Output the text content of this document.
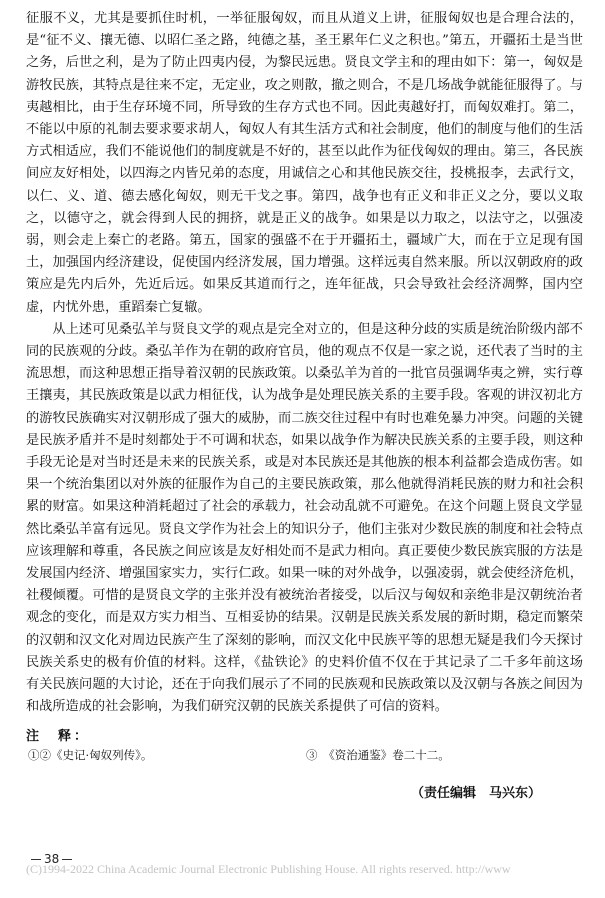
征服不义，尤其是要抓住时机，一举征服匈奴，而且从道义上讲，征服匈奴也是合理合法的，是“征不义、攘无德、以昭仁圣之路，纯德之基，圣王累年仁义之积也。”第五，开疆拓土是当世之务，后世之利，是为了防止四夷内侵，为黎民远患。贤良文学主和的理由如下：第一，匈奴是游牧民族，其特点是往来不定，无定业，攻之则散，撤之则合，不是几场战争就能征服得了。与夷越相比，由于生存环境不同，所导致的生存方式也不同。因此夷越好打，而匈奴难打。第二，不能以中原的礼制去要求要求胡人，匈奴人有其生活方式和社会制度，他们的制度与他们的生活方式相适应，我们不能说他们的制度就是不好的，甚至以此作为征伐匈奴的理由。第三，各民族间应友好相处，以四海之内皆兄弟的态度，用诚信之心和其他民族交往，投桃报李，去武行文，以仁、义、道、德去感化匈奴，则无干戈之事。第四，战争也有正义和非正义之分，要以义取之，以德守之，就会得到人民的拥挤，就是正义的战争。如果是以力取之，以法守之，以强凌弱，则会走上秦亡的老路。第五，国家的强盛不在于开疆拓土，疆域广大，而在于立足现有国土，加强国内经济建设，促使国内经济发展，国力增强。这样远夷自然来服。所以汉朝政府的政策应是先内后外，先近后远。如果反其道而行之，连年征战，只会导致社会经济凋弊，国内空虚，内忧外患，重蹈秦亡复辙。

从上述可见桑弘羊与贤良文学的观点是完全对立的，但是这种分歧的实质是统治阶级内部不同的民族观的分歧。桑弘羊作为在朝的政府官员，他的观点不仅是一家之说，还代表了当时的主流思想，而这种思想正指导着汉朝的民族政策。以桑弘羊为首的一批官员强调华夷之辨，实行尊王攘夷，其民族政策是以武力相征伐，认为战争是处理民族关系的主要手段。客观的讲汉初北方的游牧民族确实对汉朝形成了强大的威胁，而二族交往过程中有时也难免暴力冲突。问题的关键是民族矛盾并不是时刻都处于不可调和状态，如果以战争作为解决民族关系的主要手段，则这种手段无论是对当时还是未来的民族关系，或是对本民族还是其他族的根本利益都会造成伤害。如果一个统治集团以对外族的征服作为自己的主要民族政策，那么他就得消耗民族的财力和社会积累的财富。如果这种消耗超过了社会的承载力，社会动乱就不可避免。在这个问题上贤良文学显然比桑弘羊富有远见。贤良文学作为社会上的知识分子，他们主张对少数民族的制度和社会特点应该理解和尊重，各民族之间应该是友好相处而不是武力相向。真正要使少数民族宾服的方法是发展国内经济、增强国家实力，实行仁政。如果一味的对外战争，以强凌弱，就会使经济危机，社稷倾覆。可惜的是贤良文学的主张并没有被统治者接受，以后汉与匈奴和亲绝非是汉朝统治者观念的变化，而是双方实力相当、互相妥协的结果。汉朝是民族关系发展的新时期，稳定而繁荣的汉朝和汉文化对周边民族产生了深刻的影响，而汉文化中民族平等的思想无疑是我们今天探讨民族关系史的极有价值的材料。这样，《盐铁论》的史料价值不仅在于其记录了二千多年前这场有关民族问题的大讨论，还在于向我们展示了不同的民族观和民族政策以及汉朝与各族之间因为和战所造成的社会影响，为我们研究汉朝的民族关系提供了可信的资料。

注　释：

①②《史记·匈奴列传》。	③　《资治通鉴》卷二十二。
（责任编辑　马兴东）
38
(C)1994-2022 China Academic Journal Electronic Publishing House. All rights reserved. http://www
